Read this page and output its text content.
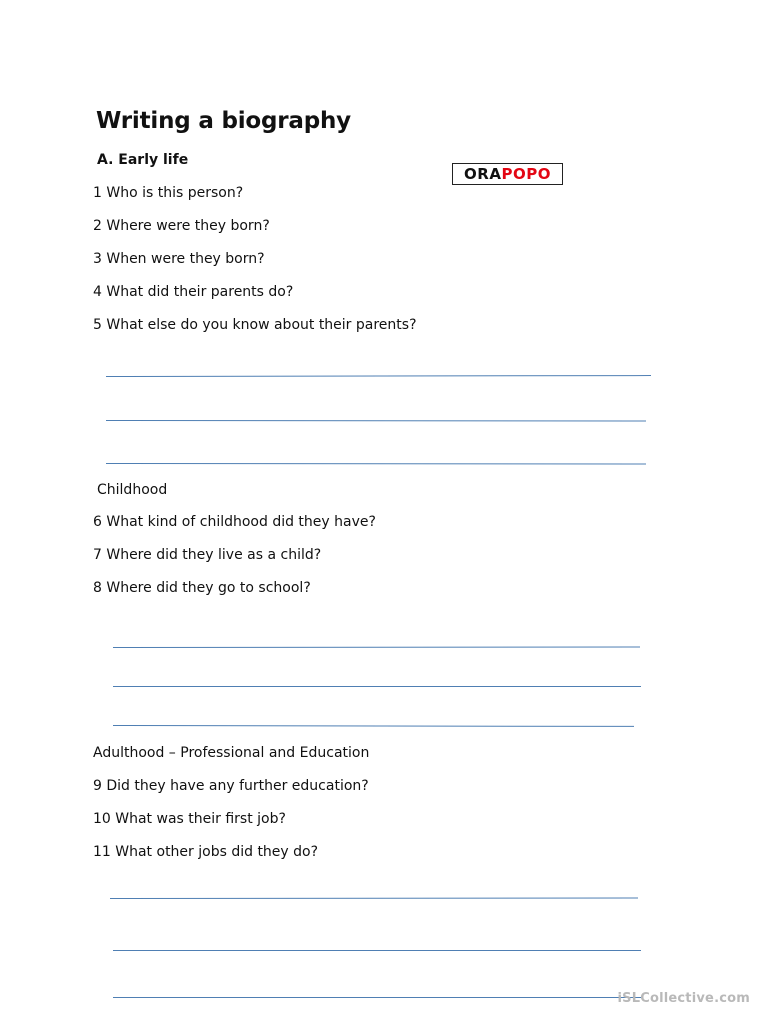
Writing a biography
ORA POPO
A. Early life
1 Who is this person?
2 Where were they born?
3 When were they born?
4 What did their parents do?
5 What else do you know about their parents?
Childhood
6 What kind of childhood did they have?
7 Where did they live as a child?
8 Where did they go to school?
Adulthood – Professional and Education
9 Did they have any further education?
10 What was their first job?
11 What other jobs did they do?
iSLCollective.com
